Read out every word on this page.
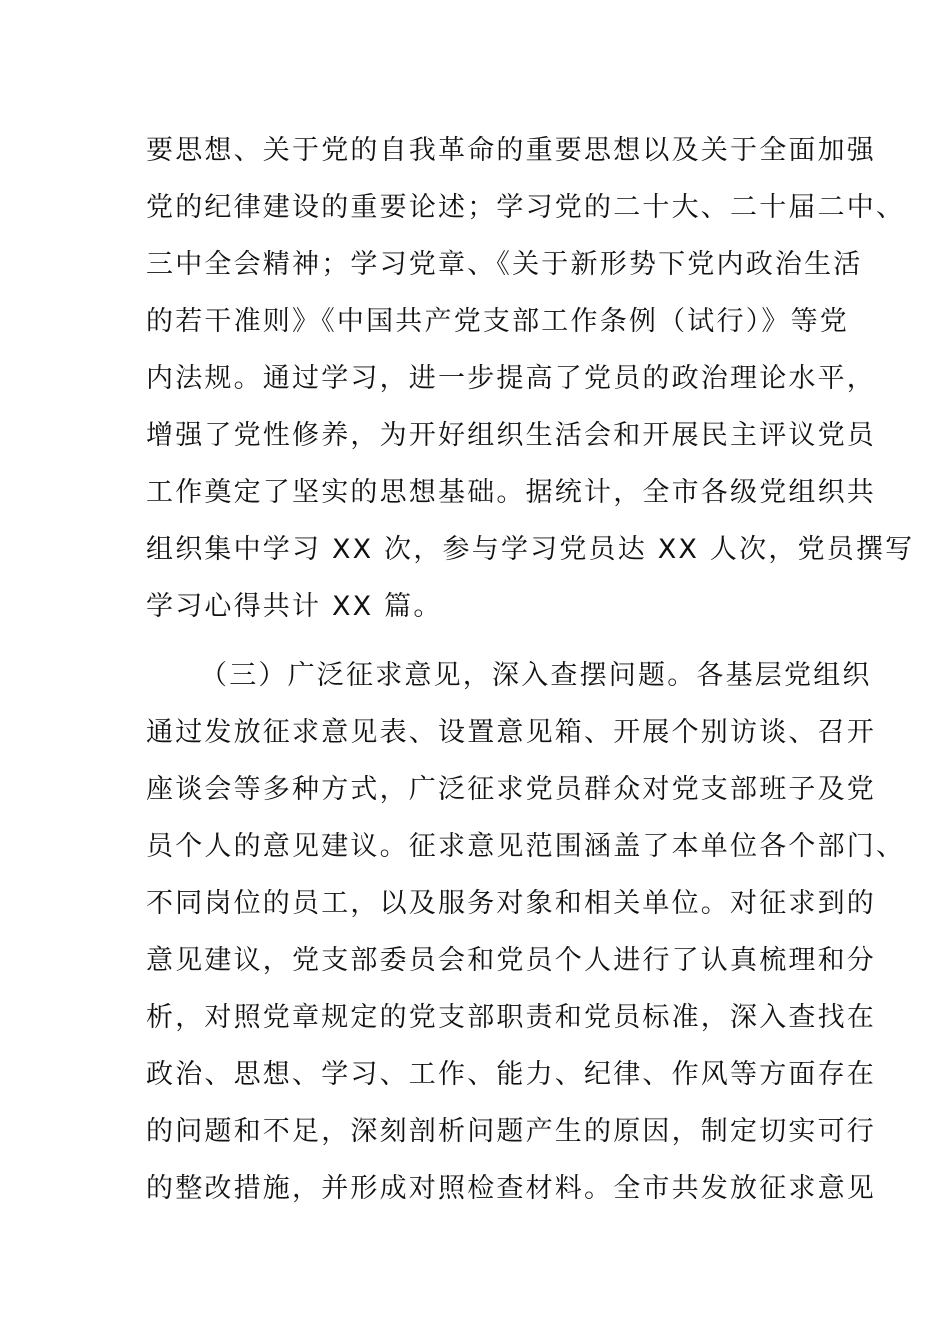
要思想、关于党的自我革命的重要思想以及关于全面加强
党的纪律建设的重要论述；学习党的二十大、二十届二中、
三中全会精神；学习党章、《关于新形势下党内政治生活
的若干准则》《中国共产党支部工作条例（试行）》等党
内法规。通过学习，进一步提高了党员的政治理论水平，
增强了党性修养，为开好组织生活会和开展民主评议党员
工作奠定了坚实的思想基础。据统计，全市各级党组织共
组织集中学习 XX 次，参与学习党员达 XX 人次，党员撰写
学习心得共计 XX 篇。
（三）广泛征求意见，深入查摆问题。各基层党组织
通过发放征求意见表、设置意见箱、开展个别访谈、召开
座谈会等多种方式，广泛征求党员群众对党支部班子及党
员个人的意见建议。征求意见范围涵盖了本单位各个部门、
不同岗位的员工，以及服务对象和相关单位。对征求到的
意见建议，党支部委员会和党员个人进行了认真梳理和分
析，对照党章规定的党支部职责和党员标准，深入查找在
政治、思想、学习、工作、能力、纪律、作风等方面存在
的问题和不足，深刻剖析问题产生的原因，制定切实可行
的整改措施，并形成对照检查材料。全市共发放征求意见
